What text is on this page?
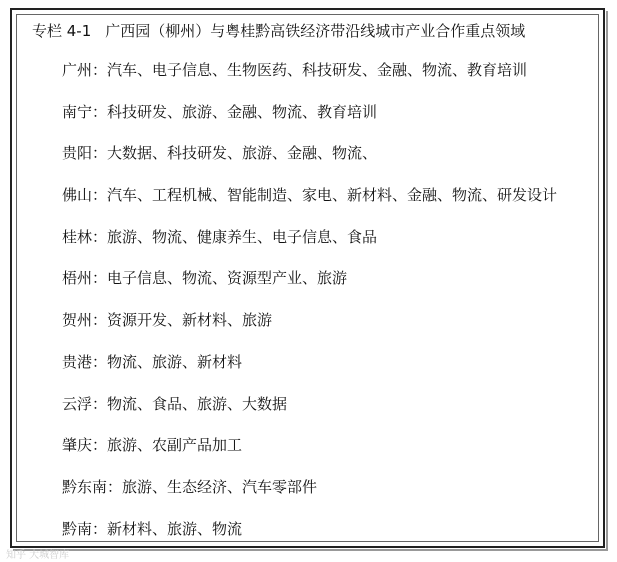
专栏 4-1 广西园（柳州）与粤桂黔高铁经济带沿线城市产业合作重点领域
广州：汽车、电子信息、生物医药、科技研发、金融、物流、教育培训
南宁：科技研发、旅游、金融、物流、教育培训
贵阳：大数据、科技研发、旅游、金融、物流、
佛山：汽车、工程机械、智能制造、家电、新材料、金融、物流、研发设计
桂林：旅游、物流、健康养生、电子信息、食品
梧州：电子信息、物流、资源型产业、旅游
贺州：资源开发、新材料、旅游
贵港：物流、旅游、新材料
云浮：物流、食品、旅游、大数据
肇庆：旅游、农副产品加工
黔东南：旅游、生态经济、汽车零部件
黔南：新材料、旅游、物流
知乎 大城智库
